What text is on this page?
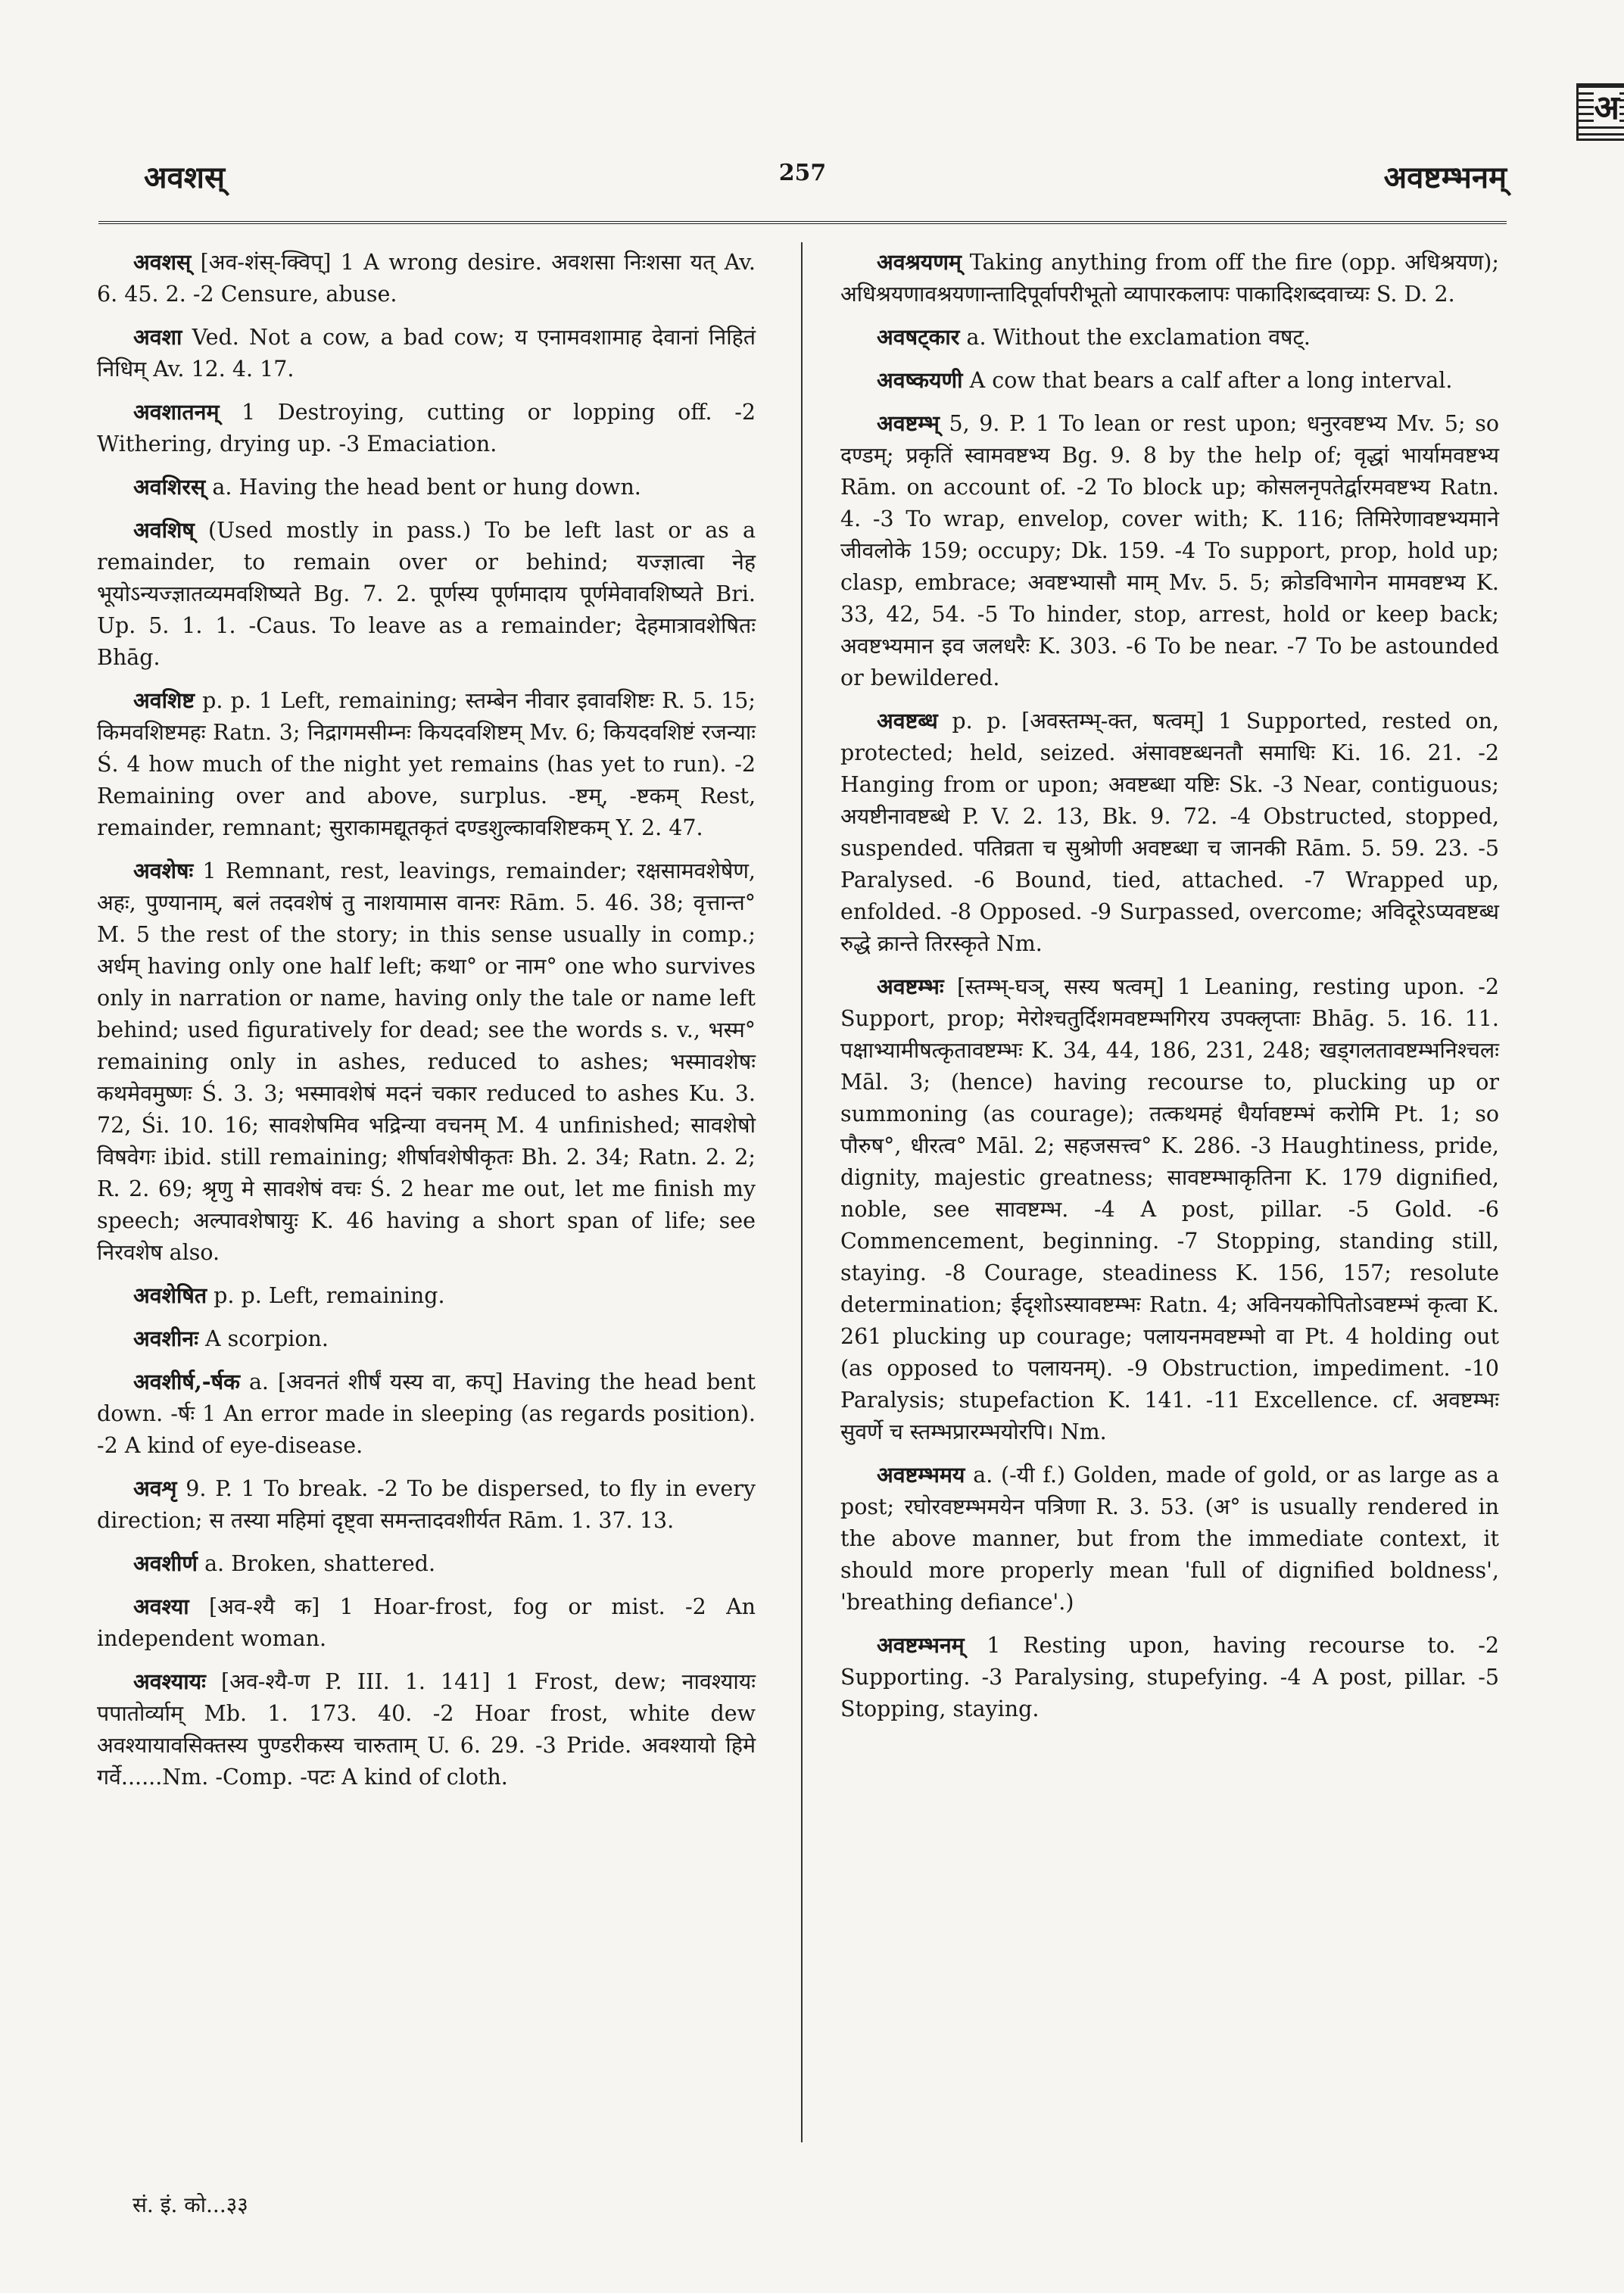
अ
अवशस्	257	अवष्टम्भनम्

अवशस् [अव-शंस्-क्विप्] 1 A wrong desire. अवशसा निःशसा यत् Av. 6. 45. 2. -2 Censure, abuse.

अवशा Ved. Not a cow, a bad cow; य एनामवशामाह देवानां निहितं निधिम् Av. 12. 4. 17.

अवशातनम् 1 Destroying, cutting or lopping off. -2 Withering, drying up. -3 Emaciation.

अवशिरस् a. Having the head bent or hung down.

अवशिष् (Used mostly in pass.) To be left last or as a remainder, to remain over or behind; यज्ज्ञात्वा नेह भूयोऽन्यज्ज्ञातव्यमवशिष्यते Bg. 7. 2. पूर्णस्य पूर्णमादाय पूर्णमेवावशिष्यते Bri. Up. 5. 1. 1. -Caus. To leave as a remainder; देहमात्रावशेषितः Bhāg.

अवशिष्ट p. p. 1 Left, remaining; स्तम्बेन नीवार इवावशिष्टः R. 5. 15; किमवशिष्टमहः Ratn. 3; निद्रागमसीम्नः कियदवशिष्टम् Mv. 6; कियदवशिष्टं रजन्याः Ś. 4 how much of the night yet remains (has yet to run). -2 Remaining over and above, surplus. -ष्टम्, -ष्टकम् Rest, remainder, remnant; सुराकामद्यूतकृतं दण्डशुल्कावशिष्टकम् Y. 2. 47.

अवशेषः 1 Remnant, rest, leavings, remainder; रक्षसामवशेषेण, अहः, पुण्यानाम्, बलं तदवशेषं तु नाशयामास वानरः Rām. 5. 46. 38; वृत्तान्त° M. 5 the rest of the story; in this sense usually in comp.; अर्धम् having only one half left; कथा° or नाम° one who survives only in narration or name, having only the tale or name left behind; used figuratively for dead; see the words s. v., भस्म° remaining only in ashes, reduced to ashes; भस्मावशेषः कथमेवमुष्णः Ś. 3. 3; भस्मावशेषं मदनं चकार reduced to ashes Ku. 3. 72, Śi. 10. 16; सावशेषमिव भद्रिन्या वचनम् M. 4 unfinished; सावशेषो विषवेगः ibid. still remaining; शीर्षावशेषीकृतः Bh. 2. 34; Ratn. 2. 2; R. 2. 69; श्रृणु मे सावशेषं वचः Ś. 2 hear me out, let me finish my speech; अल्पावशेषायुः K. 46 having a short span of life; see निरवशेष also.

अवशेषित p. p. Left, remaining.

अवशीनः A scorpion.

अवशीर्ष,-र्षक a. [अवनतं शीर्षं यस्य वा, कप्] Having the head bent down. -र्षः 1 An error made in sleeping (as regards position). -2 A kind of eye-disease.

अवशृ 9. P. 1 To break. -2 To be dispersed, to fly in every direction; स तस्या महिमां दृष्ट्वा समन्तादवशीर्यत Rām. 1. 37. 13.

अवशीर्ण a. Broken, shattered.

अवश्या [अव-श्यै क] 1 Hoar-frost, fog or mist. -2 An independent woman.

अवश्यायः [अव-श्यै-ण P. III. 1. 141] 1 Frost, dew; नावश्यायः पपातोर्व्याम् Mb. 1. 173. 40. -2 Hoar frost, white dew अवश्यायावसिक्तस्य पुण्डरीकस्य चारुताम् U. 6. 29. -3 Pride. अवश्यायो हिमे गर्वे......Nm. -Comp. -पटः A kind of cloth.

अवश्रयणम् Taking anything from off the fire (opp. अधिश्रयण); अधिश्रयणावश्रयणान्तादिपूर्वापरीभूतो व्यापारकलापः पाकादिशब्दवाच्यः S. D. 2.

अवषट्कार a. Without the exclamation वषट्.

अवष्कयणी A cow that bears a calf after a long interval.

अवष्टम्भ् 5, 9. P. 1 To lean or rest upon; धनुरवष्टभ्य Mv. 5; so दण्डम्; प्रकृतिं स्वामवष्टभ्य Bg. 9. 8 by the help of; वृद्धां भार्यामवष्टभ्य Rām. on account of. -2 To block up; कोसलनृपतेर्द्वारमवष्टभ्य Ratn. 4. -3 To wrap, envelop, cover with; K. 116; तिमिरेणावष्टभ्यमाने जीवलोके 159; occupy; Dk. 159. -4 To support, prop, hold up; clasp, embrace; अवष्टभ्यासौ माम् Mv. 5. 5; क्रोडविभागेन मामवष्टभ्य K. 33, 42, 54. -5 To hinder, stop, arrest, hold or keep back; अवष्टभ्यमान इव जलधरैः K. 303. -6 To be near. -7 To be astounded or bewildered.

अवष्टब्ध p. p. [अवस्तम्भ्-क्त, षत्वम्] 1 Supported, rested on, protected; held, seized. अंसावष्टब्धनतौ समाधिः Ki. 16. 21. -2 Hanging from or upon; अवष्टब्धा यष्टिः Sk. -3 Near, contiguous; अयष्टीनावष्टब्धे P. V. 2. 13, Bk. 9. 72. -4 Obstructed, stopped, suspended. पतिव्रता च सुश्रोणी अवष्टब्धा च जानकी Rām. 5. 59. 23. -5 Paralysed. -6 Bound, tied, attached. -7 Wrapped up, enfolded. -8 Opposed. -9 Surpassed, overcome; अविदूरेऽप्यवष्टब्ध रुद्धे क्रान्ते तिरस्कृते Nm.

अवष्टम्भः [स्तम्भ्-घञ्, सस्य षत्वम्] 1 Leaning, resting upon. -2 Support, prop; मेरोश्चतुर्दिशमवष्टम्भगिरय उपक्लृप्ताः Bhāg. 5. 16. 11. पक्षाभ्यामीषत्कृतावष्टम्भः K. 34, 44, 186, 231, 248; खड्गलतावष्टम्भनिश्चलः Māl. 3; (hence) having recourse to, plucking up or summoning (as courage); तत्कथमहं धैर्यावष्टम्भं करोमि Pt. 1; so पौरुष°, धीरत्व° Māl. 2; सहजसत्त्व° K. 286. -3 Haughtiness, pride, dignity, majestic greatness; सावष्टम्भाकृतिना K. 179 dignified, noble, see सावष्टम्भ. -4 A post, pillar. -5 Gold. -6 Commencement, beginning. -7 Stopping, standing still, staying. -8 Courage, steadiness K. 156, 157; resolute determination; ईदृशोऽस्यावष्टम्भः Ratn. 4; अविनयकोपितोऽवष्टम्भं कृत्वा K. 261 plucking up courage; पलायनमवष्टम्भो वा Pt. 4 holding out (as opposed to पलायनम्). -9 Obstruction, impediment. -10 Paralysis; stupefaction K. 141. -11 Excellence. cf. अवष्टम्भः सुवर्णे च स्तम्भप्रारम्भयोरपि। Nm.

अवष्टम्भमय a. (-यी f.) Golden, made of gold, or as large as a post; रघोरवष्टम्भमयेन पत्रिणा R. 3. 53. (अ° is usually rendered in the above manner, but from the immediate context, it should more properly mean 'full of dignified boldness', 'breathing defiance'.)

अवष्टम्भनम् 1 Resting upon, having recourse to. -2 Supporting. -3 Paralysing, stupefying. -4 A post, pillar. -5 Stopping, staying.

सं. इं. को...३३
